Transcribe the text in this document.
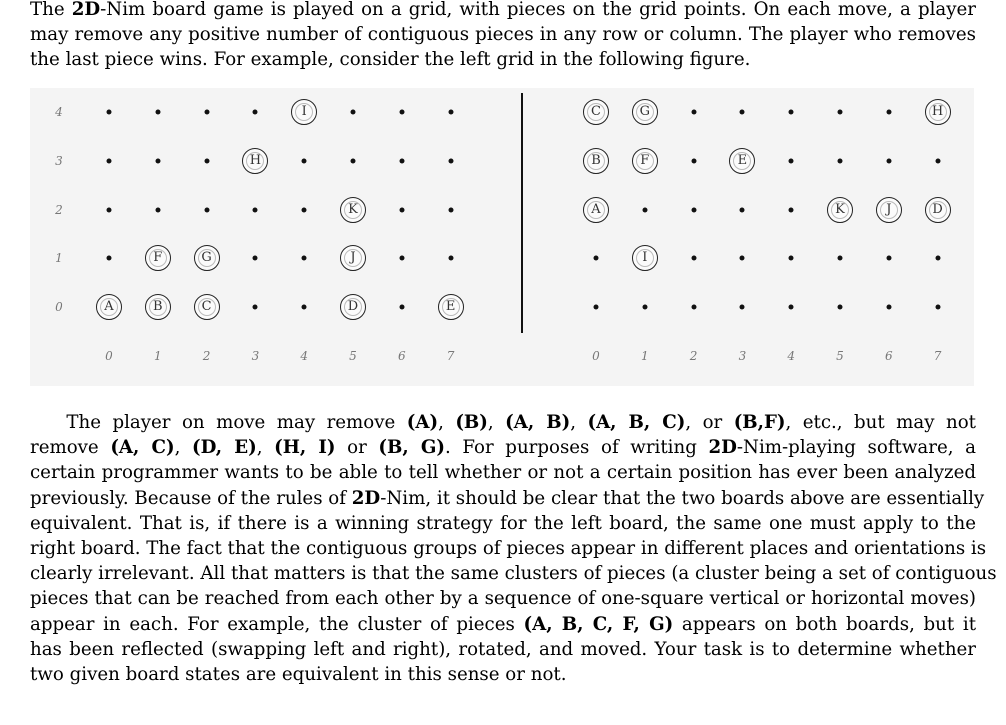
The 2D-Nim board game is played on a grid, with pieces on the grid points. On each move, a player
may remove any positive number of contiguous pieces in any row or column. The player who removes
the last piece wins. For example, consider the left grid in the following figure.

4	I
3	H
2	K
1	F	G	J
0	A	B	C	D	E
0	1	2	3	4	5	6	7
C	G	H
B	F	E
A	K	J	D
I
0	1	2	3	4	5	6	7

  The player on move may remove (A), (B), (A, B), (A, B, C), or (B,F), etc., but may not
remove (A, C), (D, E), (H, I) or (B, G). For purposes of writing 2D-Nim-playing software, a
certain programmer wants to be able to tell whether or not a certain position has ever been analyzed
previously. Because of the rules of 2D-Nim, it should be clear that the two boards above are essentially
equivalent. That is, if there is a winning strategy for the left board, the same one must apply to the
right board. The fact that the contiguous groups of pieces appear in different places and orientations is
clearly irrelevant. All that matters is that the same clusters of pieces (a cluster being a set of contiguous
pieces that can be reached from each other by a sequence of one-square vertical or horizontal moves)
appear in each. For example, the cluster of pieces (A, B, C, F, G) appears on both boards, but it
has been reflected (swapping left and right), rotated, and moved. Your task is to determine whether
two given board states are equivalent in this sense or not.
